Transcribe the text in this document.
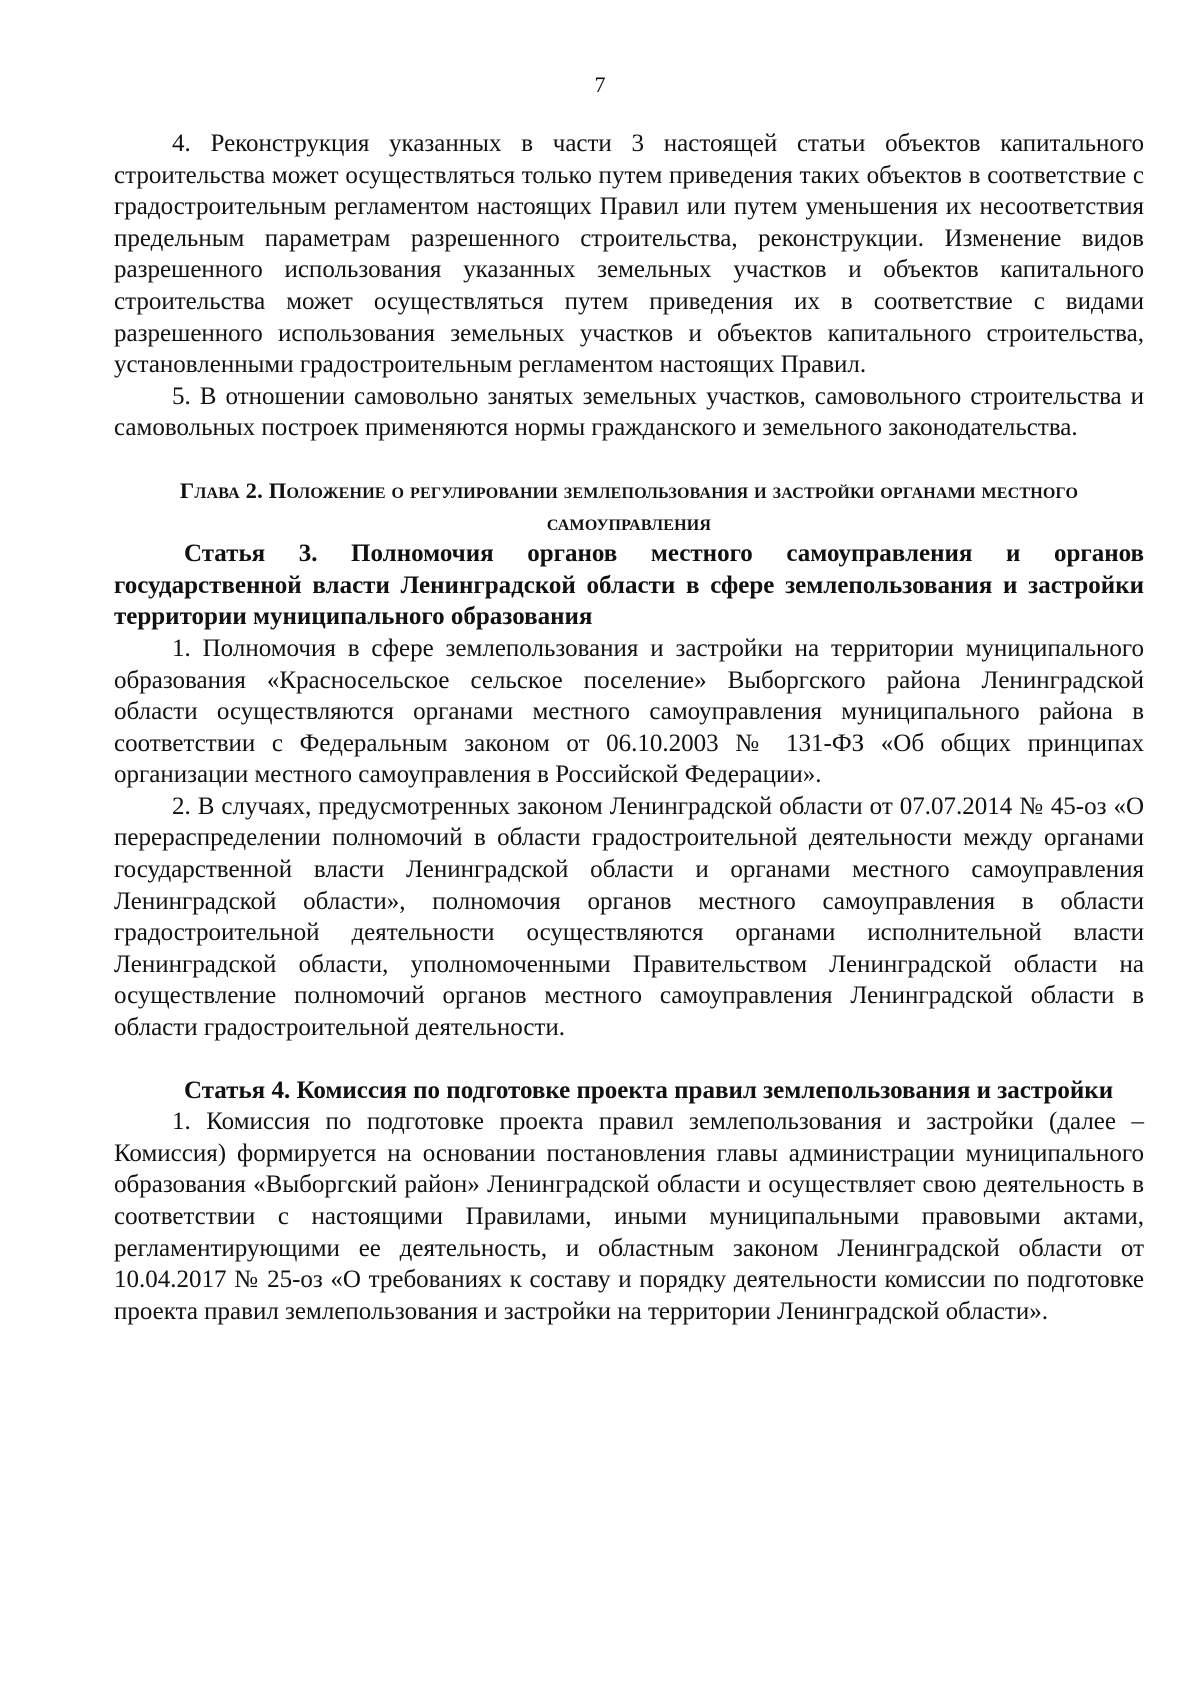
7

4. Реконструкция указанных в части 3 настоящей статьи объектов капитального строительства может осуществляться только путем приведения таких объектов в соответствие с градостроительным регламентом настоящих Правил или путем уменьшения их несоответствия предельным параметрам разрешенного строительства, реконструкции. Изменение видов разрешенного использования указанных земельных участков и объектов капитального строительства может осуществляться путем приведения их в соответствие с видами разрешенного использования земельных участков и объектов капитального строительства, установленными градостроительным регламентом настоящих Правил.

5. В отношении самовольно занятых земельных участков, самовольного строительства и самовольных построек применяются нормы гражданского и земельного законодательства.

Глава 2. Положение о регулировании землепользования и застройки органами местного самоуправления

Статья 3. Полномочия органов местного самоуправления и органов государственной власти Ленинградской области в сфере землепользования и застройки территории муниципального образования

1. Полномочия в сфере землепользования и застройки на территории муниципального образования «Красносельское сельское поселение» Выборгского района Ленинградской области осуществляются органами местного самоуправления муниципального района в соответствии с Федеральным законом от 06.10.2003 № 131-ФЗ «Об общих принципах организации местного самоуправления в Российской Федерации».

2. В случаях, предусмотренных законом Ленинградской области от 07.07.2014 № 45-оз «О перераспределении полномочий в области градостроительной деятельности между органами государственной власти Ленинградской области и органами местного самоуправления Ленинградской области», полномочия органов местного самоуправления в области градостроительной деятельности осуществляются органами исполнительной власти Ленинградской области, уполномоченными Правительством Ленинградской области на осуществление полномочий органов местного самоуправления Ленинградской области в области градостроительной деятельности.

Статья 4. Комиссия по подготовке проекта правил землепользования и застройки

1. Комиссия по подготовке проекта правил землепользования и застройки (далее – Комиссия) формируется на основании постановления главы администрации муниципального образования «Выборгский район» Ленинградской области и осуществляет свою деятельность в соответствии с настоящими Правилами, иными муниципальными правовыми актами, регламентирующими ее деятельность, и областным законом Ленинградской области от 10.04.2017 № 25-оз «О требованиях к составу и порядку деятельности комиссии по подготовке проекта правил землепользования и застройки на территории Ленинградской области».
